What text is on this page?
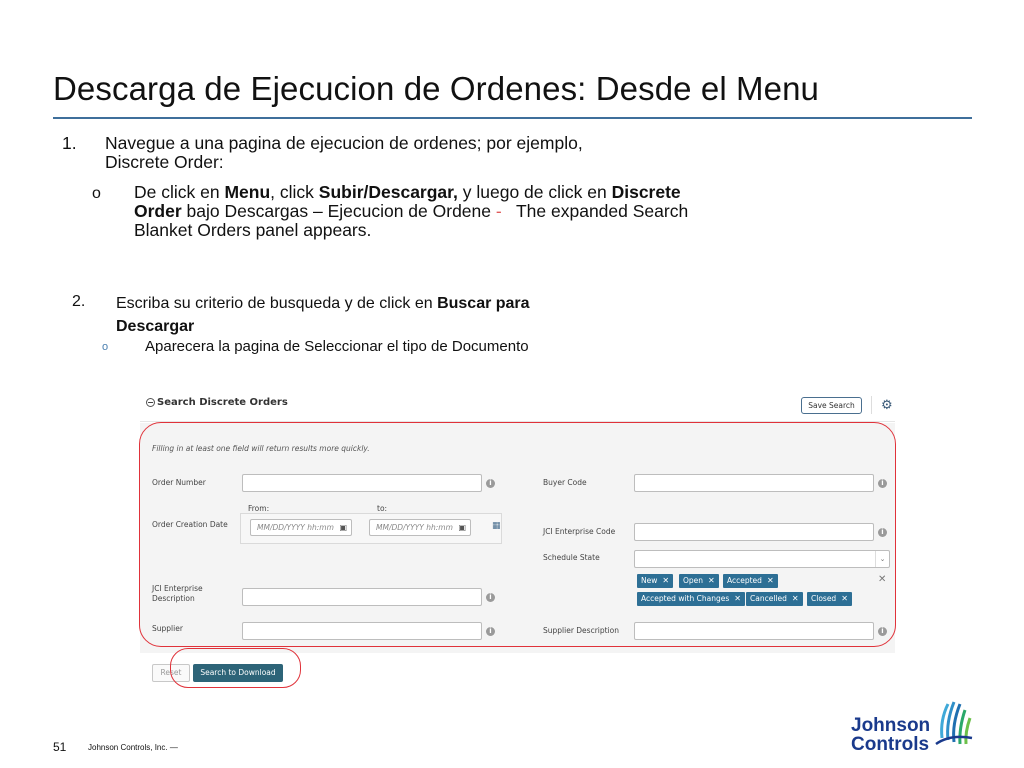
Descarga de Ejecucion de Ordenes: Desde el Menu
1. Navegue a una pagina de ejecucion de ordenes; por ejemplo,
Discrete Order:
o De click en Menu, click Subir/Descargar, y luego de click en Discrete
Order bajo Descargas – Ejecucion de Ordene -   The expanded Search
Blanket Orders panel appears.
2. Escriba su criterio de busqueda y de click en Buscar para
Descargar
o Aparecera la pagina de Seleccionar el tipo de Documento
− Search Discrete Orders	Save Search	⚙
Filling in at least one field will return results more quickly.
Order Number	i
From:	to:
Order Creation Date	MM/DD/YYYY hh:mm ▣	MM/DD/YYYY hh:mm ▣	▦
JCI Enterprise
Description	i
Supplier	i
Buyer Code	i
JCI Enterprise Code	i
Schedule State	⌄
New ✕	Open ✕	Accepted ✕	✕
Accepted with Changes ✕	Cancelled ✕	Closed ✕
Supplier Description	i
Reset	Search to Download
51	Johnson Controls, Inc. —
Johnson
Controls
